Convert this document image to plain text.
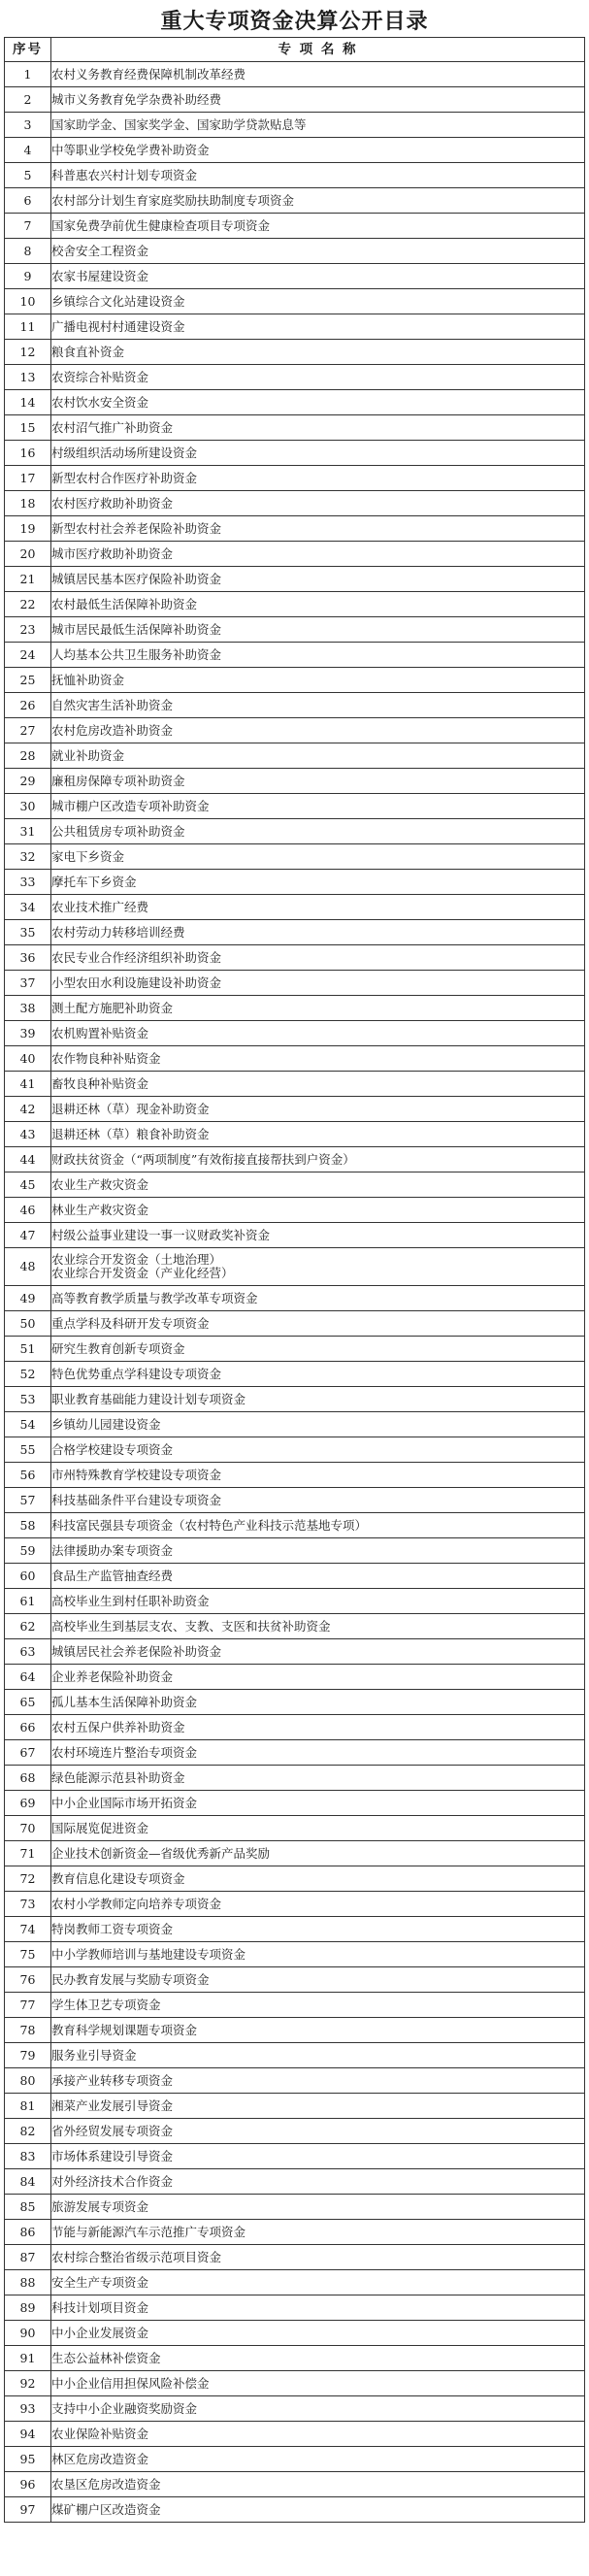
重大专项资金决算公开目录
序号	专 项 名 称
1	农村义务教育经费保障机制改革经费
2	城市义务教育免学杂费补助经费
3	国家助学金、国家奖学金、国家助学贷款贴息等
4	中等职业学校免学费补助资金
5	科普惠农兴村计划专项资金
6	农村部分计划生育家庭奖励扶助制度专项资金
7	国家免费孕前优生健康检查项目专项资金
8	校舍安全工程资金
9	农家书屋建设资金
10	乡镇综合文化站建设资金
11	广播电视村村通建设资金
12	粮食直补资金
13	农资综合补贴资金
14	农村饮水安全资金
15	农村沼气推广补助资金
16	村级组织活动场所建设资金
17	新型农村合作医疗补助资金
18	农村医疗救助补助资金
19	新型农村社会养老保险补助资金
20	城市医疗救助补助资金
21	城镇居民基本医疗保险补助资金
22	农村最低生活保障补助资金
23	城市居民最低生活保障补助资金
24	人均基本公共卫生服务补助资金
25	抚恤补助资金
26	自然灾害生活补助资金
27	农村危房改造补助资金
28	就业补助资金
29	廉租房保障专项补助资金
30	城市棚户区改造专项补助资金
31	公共租赁房专项补助资金
32	家电下乡资金
33	摩托车下乡资金
34	农业技术推广经费
35	农村劳动力转移培训经费
36	农民专业合作经济组织补助资金
37	小型农田水利设施建设补助资金
38	测土配方施肥补助资金
39	农机购置补贴资金
40	农作物良种补贴资金
41	畜牧良种补贴资金
42	退耕还林（草）现金补助资金
43	退耕还林（草）粮食补助资金
44	财政扶贫资金（“两项制度”有效衔接直接帮扶到户资金）
45	农业生产救灾资金
46	林业生产救灾资金
47	村级公益事业建设一事一议财政奖补资金
48	农业综合开发资金（土地治理）
农业综合开发资金（产业化经营）

49	高等教育教学质量与教学改革专项资金
50	重点学科及科研开发专项资金
51	研究生教育创新专项资金
52	特色优势重点学科建设专项资金
53	职业教育基础能力建设计划专项资金
54	乡镇幼儿园建设资金
55	合格学校建设专项资金
56	市州特殊教育学校建设专项资金
57	科技基础条件平台建设专项资金
58	科技富民强县专项资金（农村特色产业科技示范基地专项）
59	法律援助办案专项资金
60	食品生产监管抽查经费
61	高校毕业生到村任职补助资金
62	高校毕业生到基层支农、支教、支医和扶贫补助资金
63	城镇居民社会养老保险补助资金
64	企业养老保险补助资金
65	孤儿基本生活保障补助资金
66	农村五保户供养补助资金
67	农村环境连片整治专项资金
68	绿色能源示范县补助资金
69	中小企业国际市场开拓资金
70	国际展览促进资金
71	企业技术创新资金—省级优秀新产品奖励
72	教育信息化建设专项资金
73	农村小学教师定向培养专项资金
74	特岗教师工资专项资金
75	中小学教师培训与基地建设专项资金
76	民办教育发展与奖励专项资金
77	学生体卫艺专项资金
78	教育科学规划课题专项资金
79	服务业引导资金
80	承接产业转移专项资金
81	湘菜产业发展引导资金
82	省外经贸发展专项资金
83	市场体系建设引导资金
84	对外经济技术合作资金
85	旅游发展专项资金
86	节能与新能源汽车示范推广专项资金
87	农村综合整治省级示范项目资金
88	安全生产专项资金
89	科技计划项目资金
90	中小企业发展资金
91	生态公益林补偿资金
92	中小企业信用担保风险补偿金
93	支持中小企业融资奖励资金
94	农业保险补贴资金
95	林区危房改造资金
96	农垦区危房改造资金
97	煤矿棚户区改造资金
